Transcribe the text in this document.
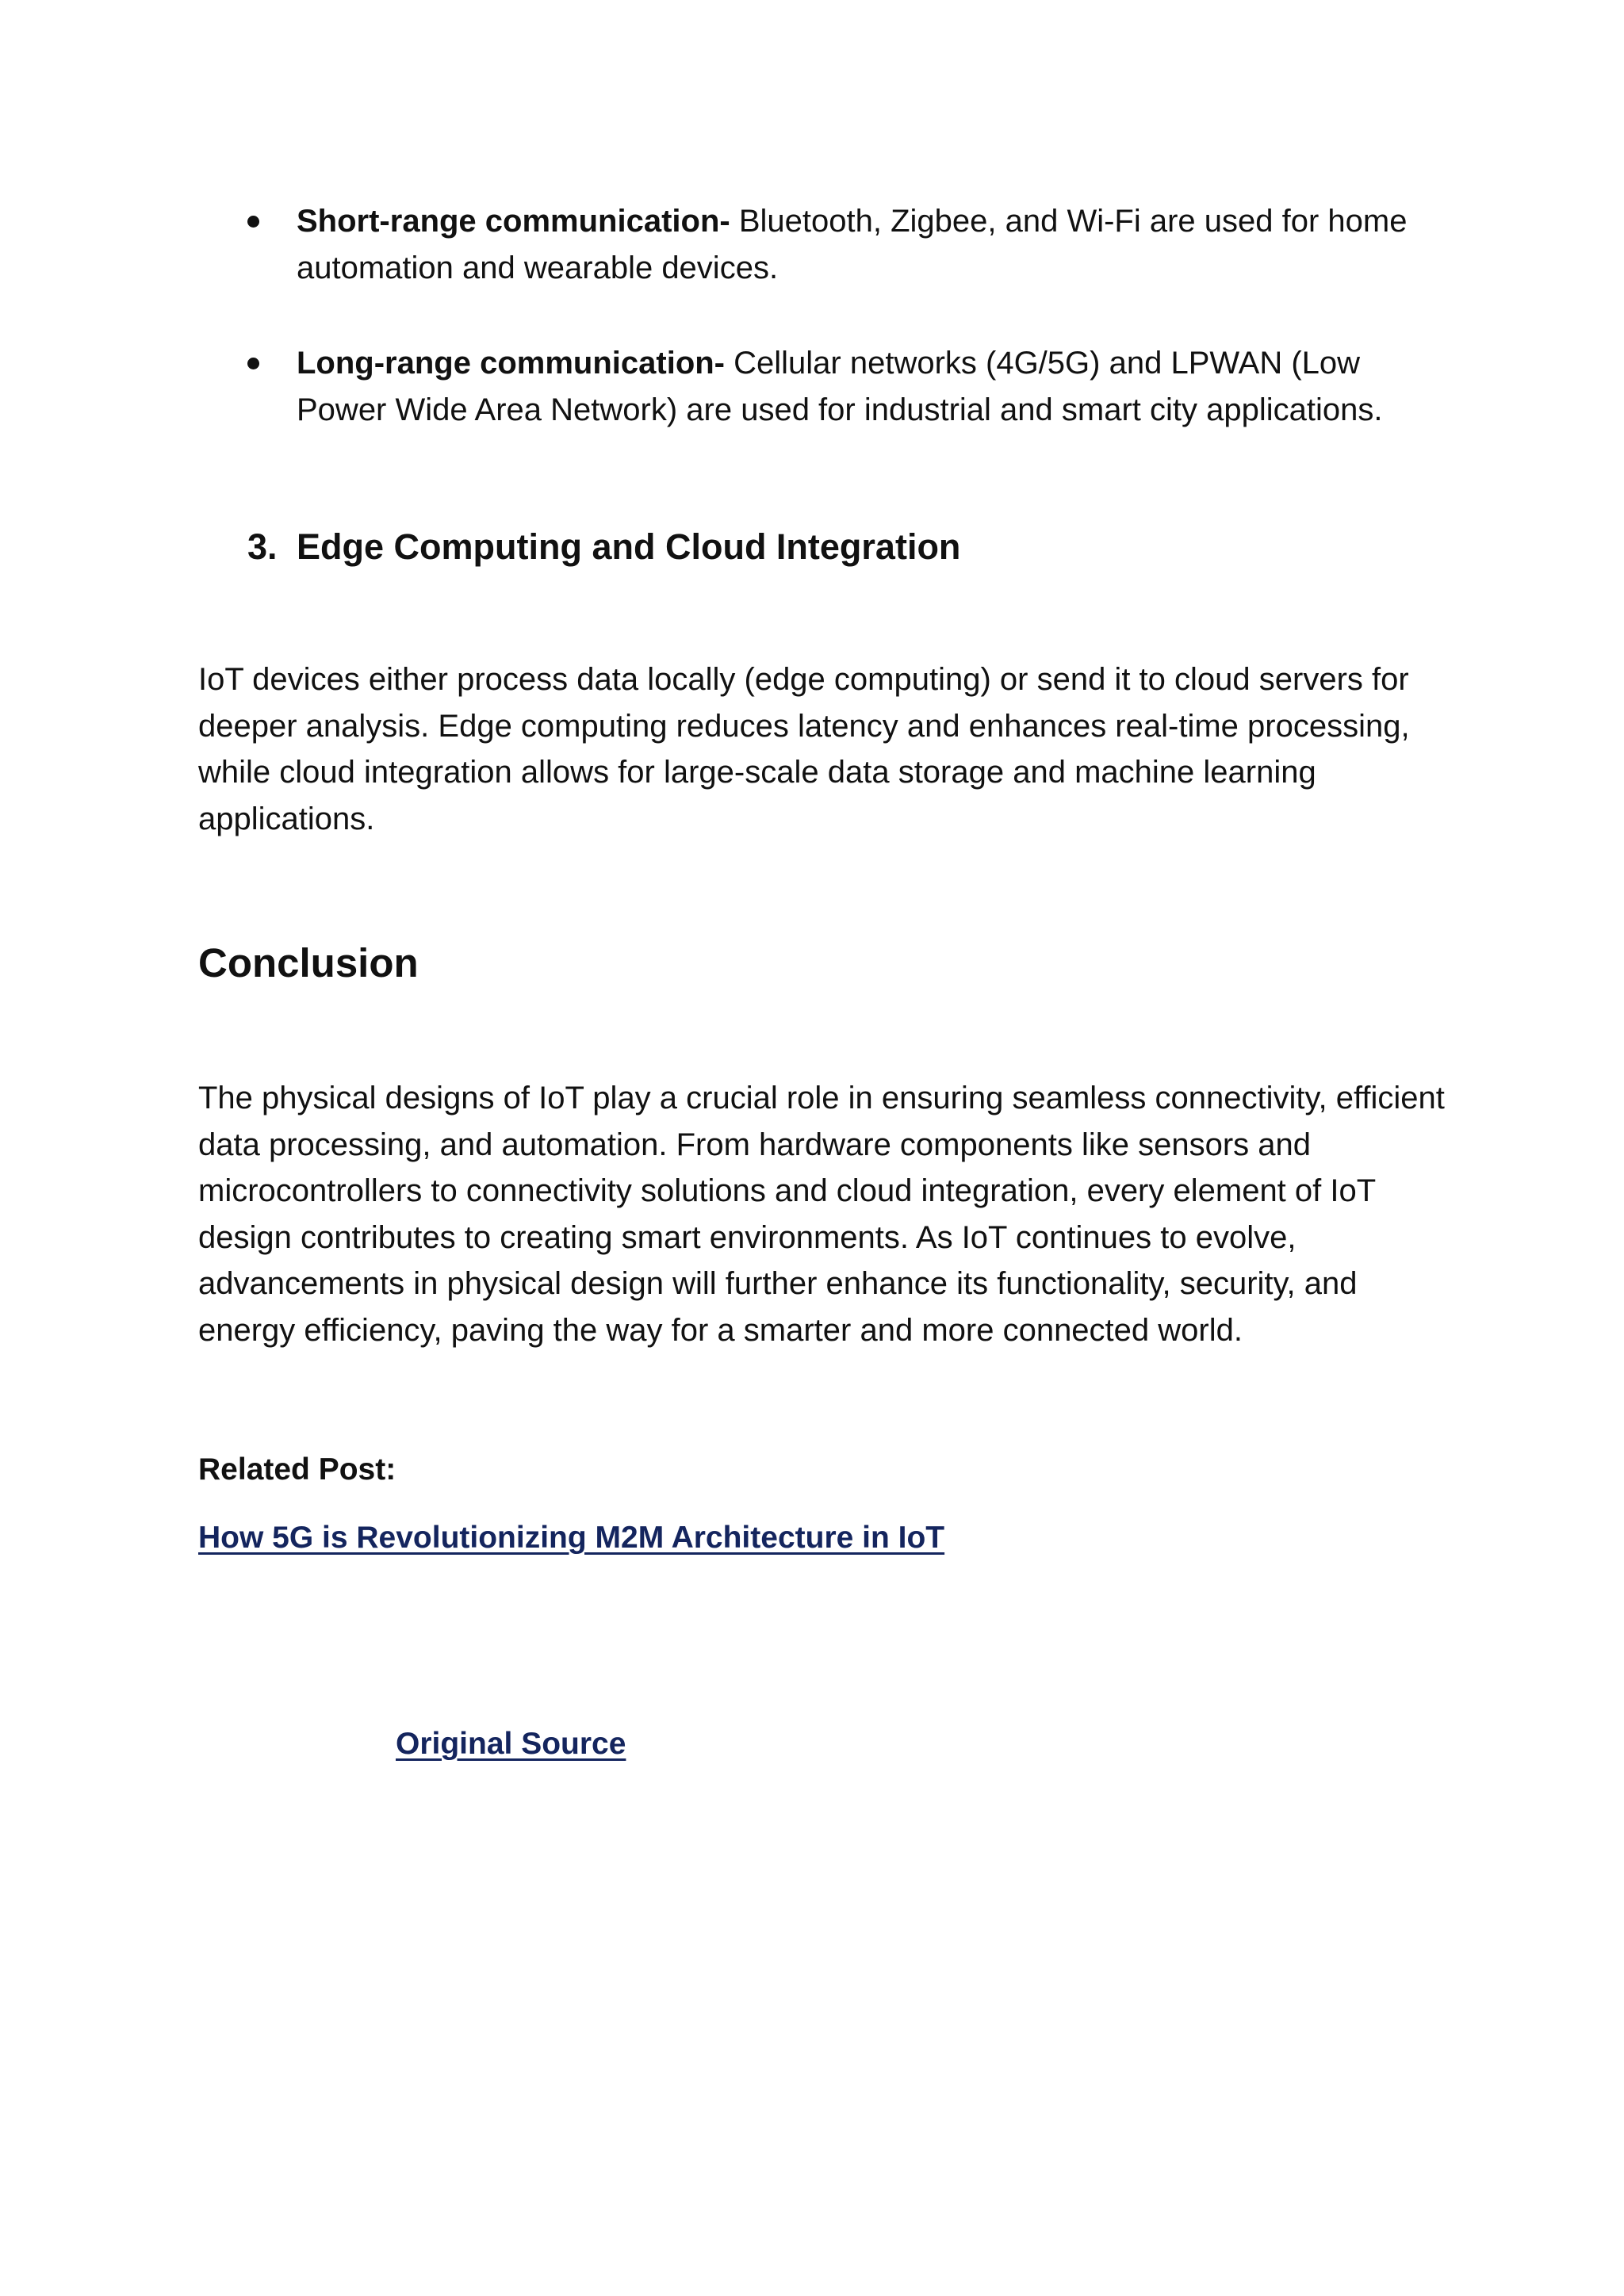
Short-range communication- Bluetooth, Zigbee, and Wi-Fi are used for home automation and wearable devices.
Long-range communication- Cellular networks (4G/5G) and LPWAN (Low Power Wide Area Network) are used for industrial and smart city applications.
3. Edge Computing and Cloud Integration

IoT devices either process data locally (edge computing) or send it to cloud servers for deeper analysis. Edge computing reduces latency and enhances real-time processing, while cloud integration allows for large-scale data storage and machine learning applications.

Conclusion

The physical designs of IoT play a crucial role in ensuring seamless connectivity, efficient data processing, and automation. From hardware components like sensors and microcontrollers to connectivity solutions and cloud integration, every element of IoT design contributes to creating smart environments. As IoT continues to evolve, advancements in physical design will further enhance its functionality, security, and energy efficiency, paving the way for a smarter and more connected world.

Related Post:
How 5G is Revolutionizing M2M Architecture in IoT
Original Source
